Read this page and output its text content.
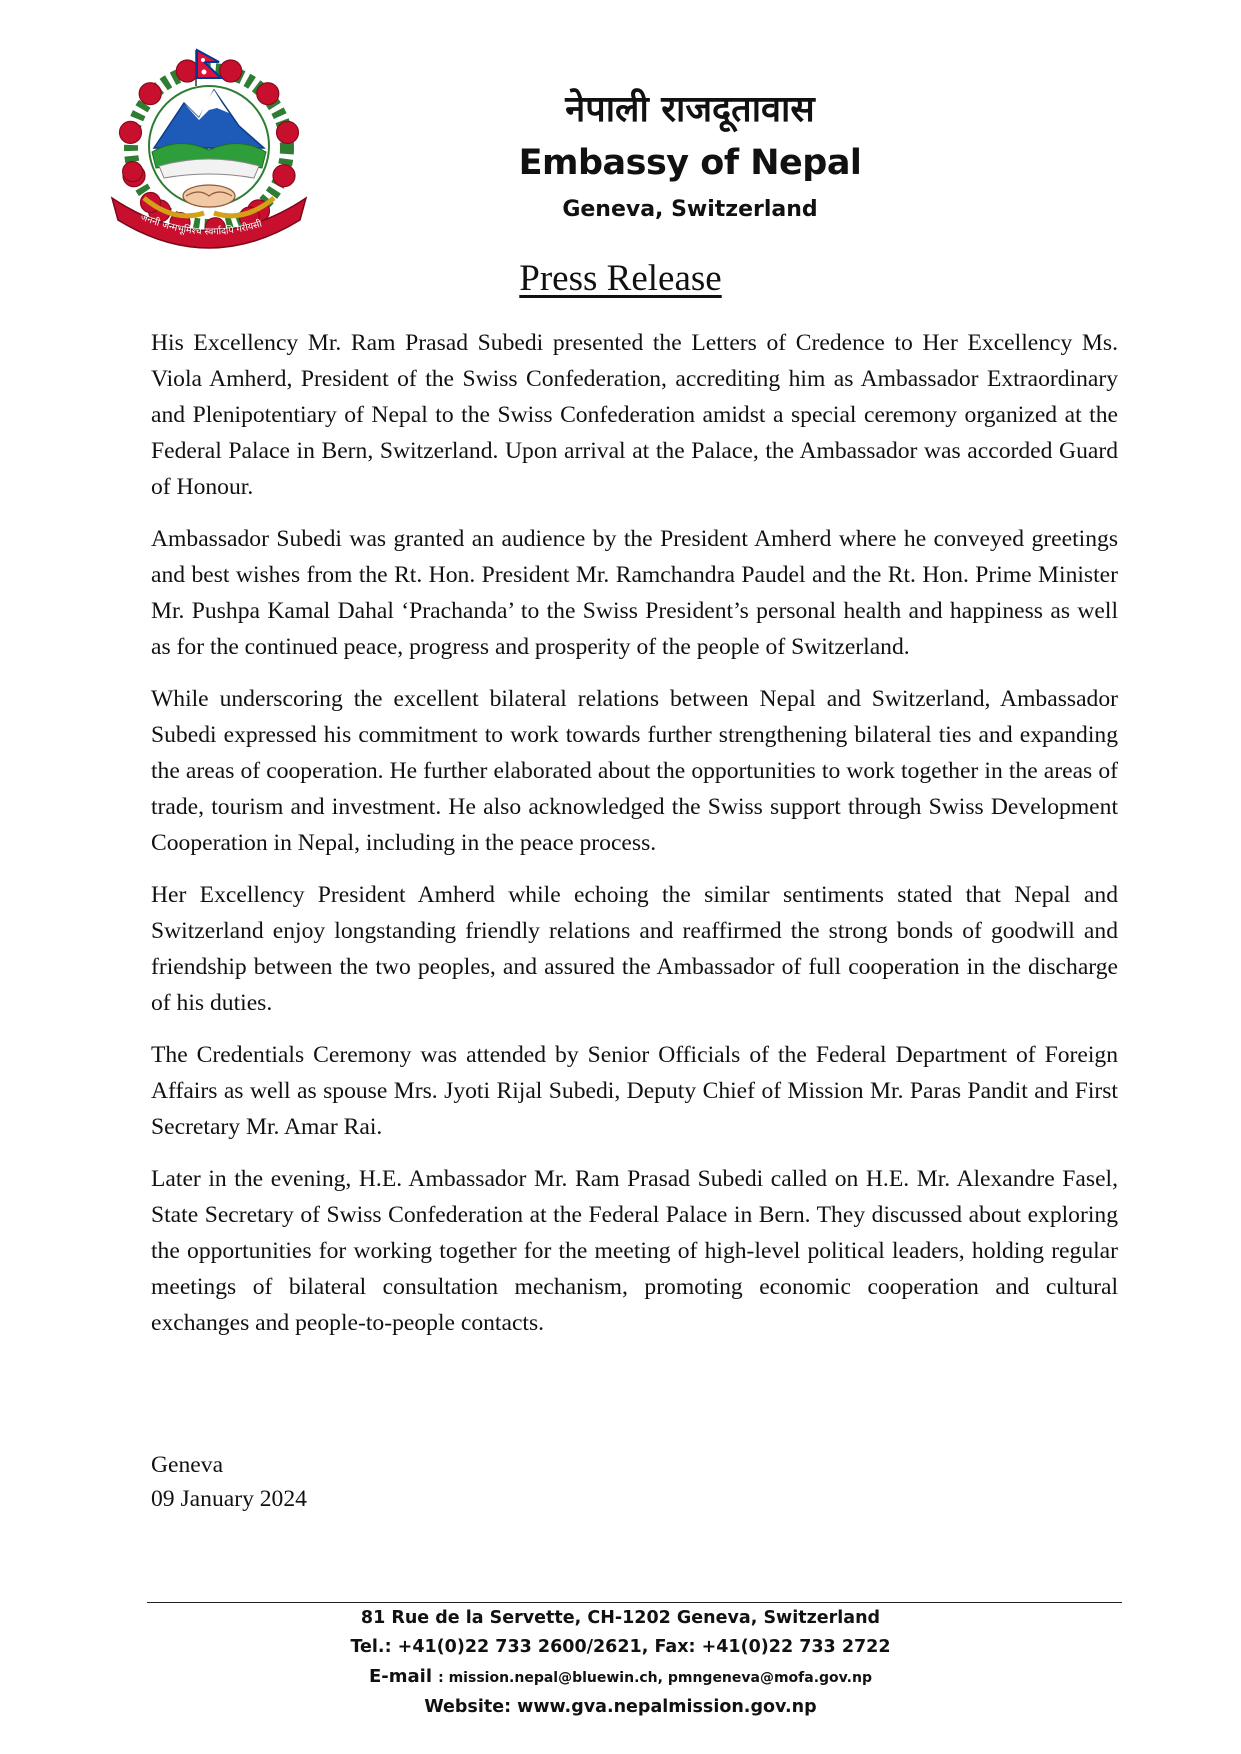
जननी जन्मभूमिश्च स्वर्गादपि गरीयसी
नेपाली राजदूतावास
Embassy of Nepal
Geneva, Switzerland
Press Release

His Excellency Mr. Ram Prasad Subedi presented the Letters of Credence to Her Excellency Ms. Viola Amherd, President of the Swiss Confederation, accrediting him as Ambassador Extraordinary and Plenipotentiary of Nepal to the Swiss Confederation amidst a special ceremony organized at the Federal Palace in Bern, Switzerland. Upon arrival at the Palace, the Ambassador was accorded Guard of Honour.

Ambassador Subedi was granted an audience by the President Amherd where he conveyed greetings and best wishes from the Rt. Hon. President Mr. Ramchandra Paudel and the Rt. Hon. Prime Minister Mr. Pushpa Kamal Dahal ‘Prachanda’ to the Swiss President’s personal health and happiness as well as for the continued peace, progress and prosperity of the people of Switzerland.

While underscoring the excellent bilateral relations between Nepal and Switzerland, Ambassador Subedi expressed his commitment to work towards further strengthening bilateral ties and expanding the areas of cooperation. He further elaborated about the opportunities to work together in the areas of trade, tourism and investment. He also acknowledged the Swiss support through Swiss Development Cooperation in Nepal, including in the peace process.

Her Excellency President Amherd while echoing the similar sentiments stated that Nepal and Switzerland enjoy longstanding friendly relations and reaffirmed the strong bonds of goodwill and friendship between the two peoples, and assured the Ambassador of full cooperation in the discharge of his duties.

The Credentials Ceremony was attended by Senior Officials of the Federal Department of Foreign Affairs as well as spouse Mrs. Jyoti Rijal Subedi, Deputy Chief of Mission Mr. Paras Pandit and First Secretary Mr. Amar Rai.

Later in the evening, H.E. Ambassador Mr. Ram Prasad Subedi called on H.E. Mr. Alexandre Fasel, State Secretary of Swiss Confederation at the Federal Palace in Bern. They discussed about exploring the opportunities for working together for the meeting of high-level political leaders, holding regular meetings of bilateral consultation mechanism, promoting economic cooperation and cultural exchanges and people-to-people contacts.

Geneva
09 January 2024
81 Rue de la Servette, CH-1202 Geneva, Switzerland
Tel.: +41(0)22 733 2600/2621, Fax: +41(0)22 733 2722
E-mail : mission.nepal@bluewin.ch, pmngeneva@mofa.gov.np
Website: www.gva.nepalmission.gov.np
